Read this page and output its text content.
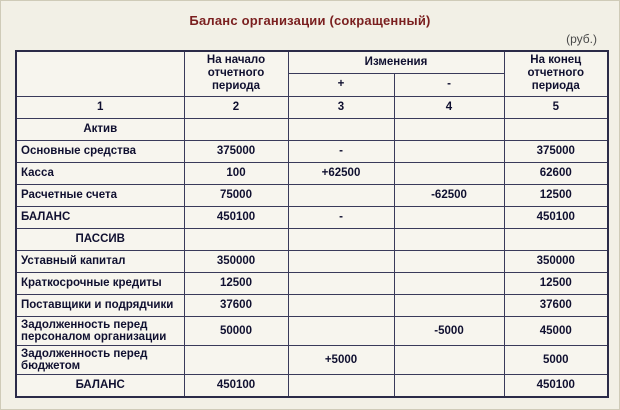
Баланс организации (сокращенный)
(руб.)
	На начало отчетного периода	Изменения		На конец отчетного периода
		+	-	
1	2	3	4	5
Актив				
Основные средства	375000	-		375000
Касса	100	+62500		62600
Расчетные счета	75000		-62500	12500
БАЛАНС	450100	-		450100
ПАССИВ				
Уставный капитал	350000			350000
Краткосрочные кредиты	12500			12500
Поставщики и подрядчики	37600			37600
Задолженность перед персоналом организации	50000		-5000	45000
Задолженность перед бюджетом		+5000		5000
БАЛАНС	450100			450100
